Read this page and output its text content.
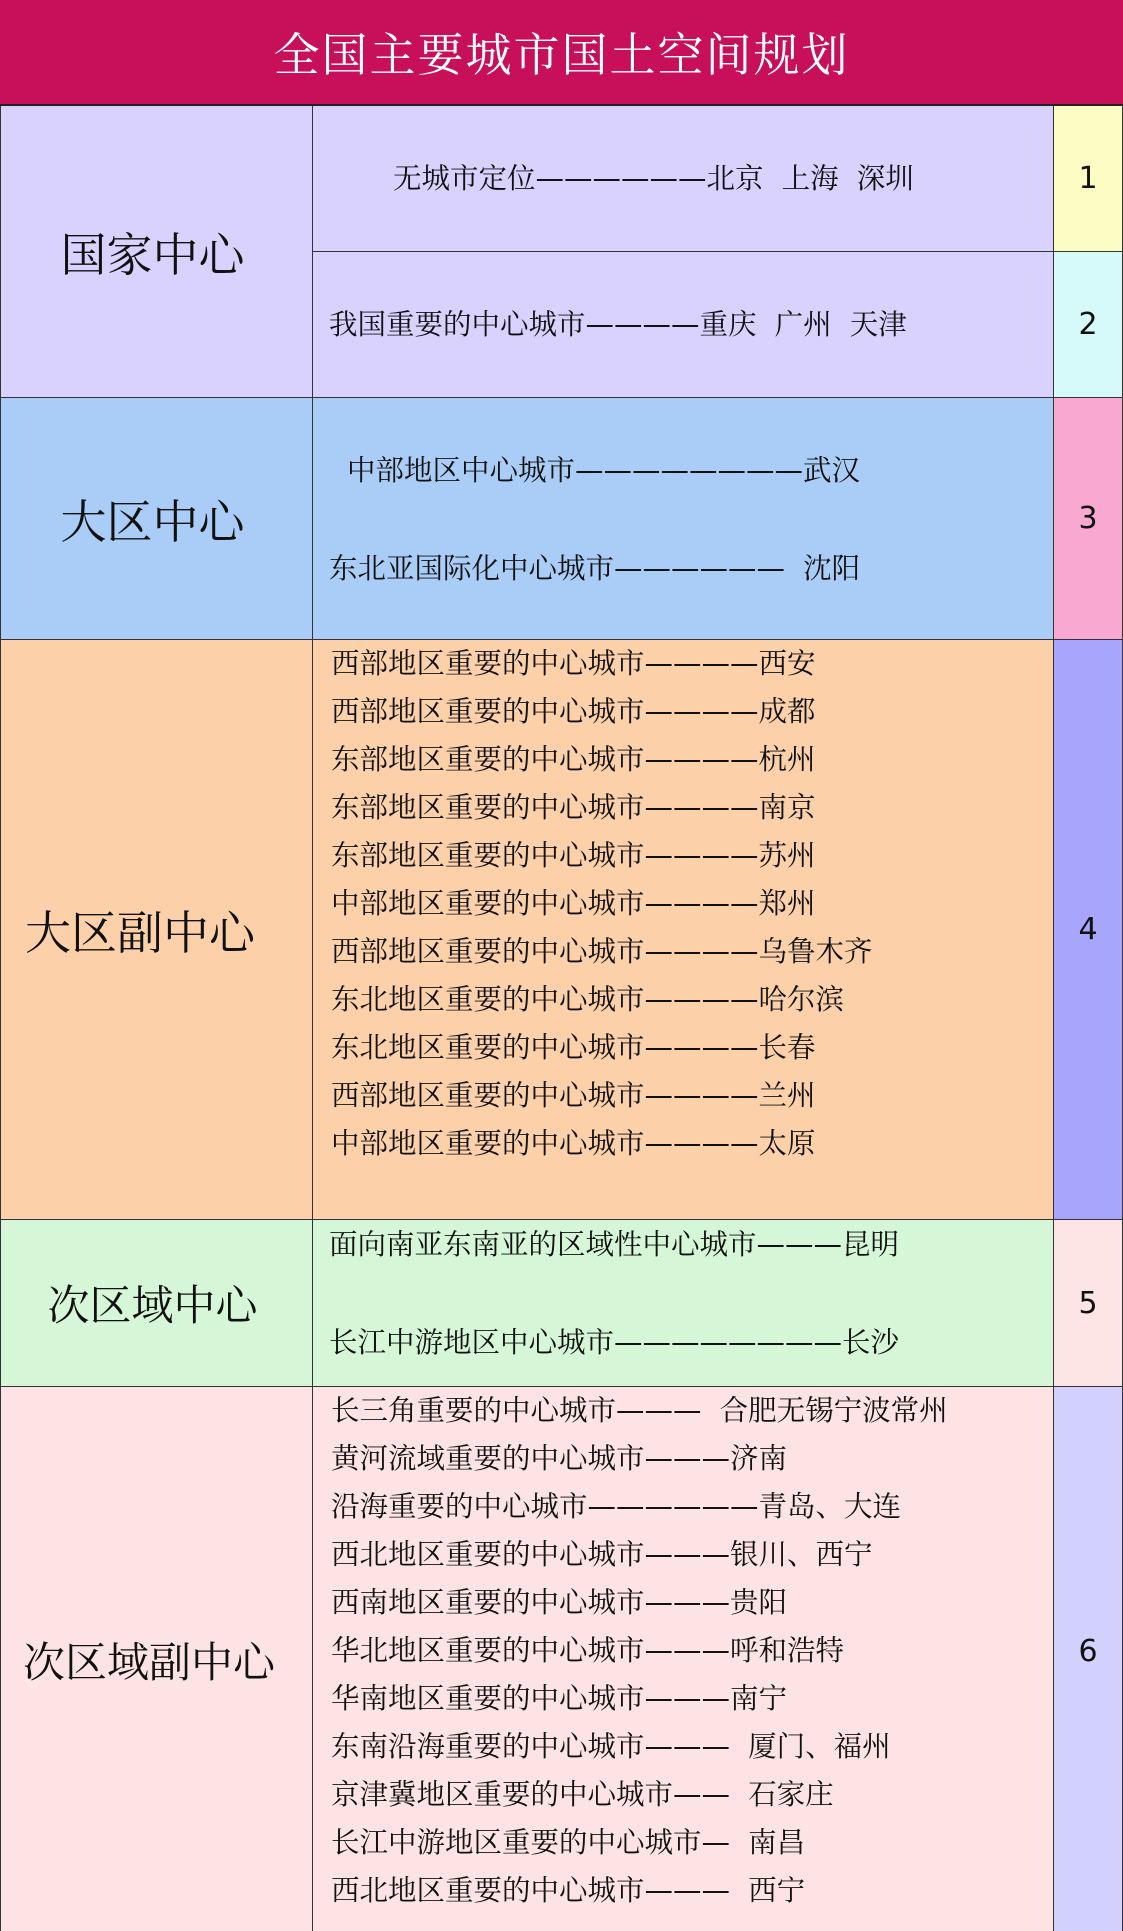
全国主要城市国土空间规划
国家中心
无城市定位——————北京  上海  深圳	1
我国重要的中心城市————重庆  广州  天津	2
大区中心
中部地区中心城市————————武汉
东北亚国际化中心城市——————  沈阳
3
大区副中心
西部地区重要的中心城市————西安
西部地区重要的中心城市————成都
东部地区重要的中心城市————杭州
东部地区重要的中心城市————南京
东部地区重要的中心城市————苏州
中部地区重要的中心城市————郑州
西部地区重要的中心城市————乌鲁木齐
东北地区重要的中心城市————哈尔滨
东北地区重要的中心城市————长春
西部地区重要的中心城市————兰州
中部地区重要的中心城市————太原
4
次区域中心
面向南亚东南亚的区域性中心城市———昆明
长江中游地区中心城市————————长沙
5
次区域副中心
长三角重要的中心城市———  合肥无锡宁波常州
黄河流域重要的中心城市———济南
沿海重要的中心城市——————青岛、大连
西北地区重要的中心城市———银川、西宁
西南地区重要的中心城市———贵阳
华北地区重要的中心城市———呼和浩特
华南地区重要的中心城市———南宁
东南沿海重要的中心城市———  厦门、福州
京津冀地区重要的中心城市——  石家庄
长江中游地区重要的中心城市—  南昌
西北地区重要的中心城市———  西宁
6
